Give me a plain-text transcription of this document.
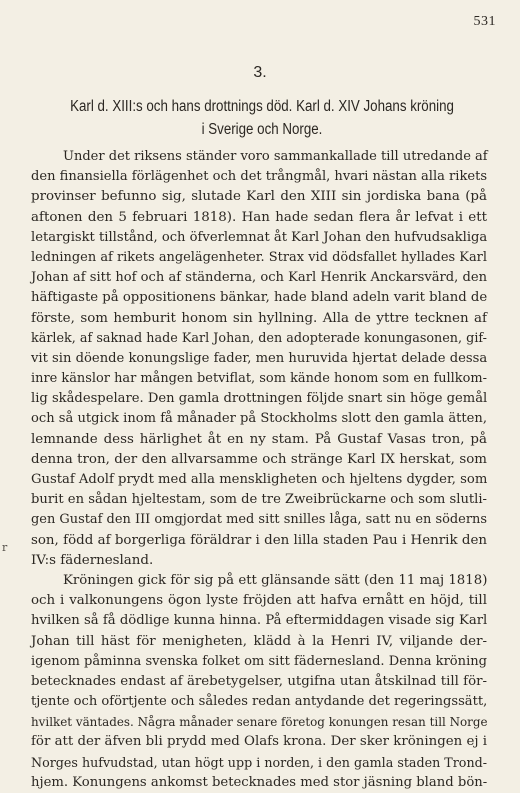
531
3.
Karl d. XIII:s och hans drottnings död. Karl d. XIV Johans kröning
i Sverige och Norge.
Under det riksens ständer voro sammankallade till utredande af
den finansiella förlägenhet och det trångmål, hvari nästan alla rikets
provinser befunno sig, slutade Karl den XIII sin jordiska bana (på
aftonen den 5 februari 1818). Han hade sedan flera år lefvat i ett
letargiskt tillstånd, och öfverlemnat åt Karl Johan den hufvudsakliga
ledningen af rikets angelägenheter. Strax vid dödsfallet hyllades Karl
Johan af sitt hof och af ständerna, och Karl Henrik Anckarsvärd, den
häftigaste på oppositionens bänkar, hade bland adeln varit bland de
förste, som hemburit honom sin hyllning. Alla de yttre tecknen af
kärlek, af saknad hade Karl Johan, den adopterade konungasonen, gif-
vit sin döende konungslige fader, men huruvida hjertat delade dessa
inre känslor har mången betviflat, som kände honom som en fullkom-
lig skådespelare. Den gamla drottningen följde snart sin höge gemål
och så utgick inom få månader på Stockholms slott den gamla ätten,
lemnande dess härlighet åt en ny stam. På Gustaf Vasas tron, på
denna tron, der den allvarsamme och stränge Karl IX herskat, som
Gustaf Adolf prydt med alla menskligheten och hjeltens dygder, som
burit en sådan hjeltestam, som de tre Zweibrückarne och som slutli-
gen Gustaf den III omgjordat med sitt snilles låga, satt nu en söderns
son, född af borgerliga föräldrar i den lilla staden Pau i Henrik den
IV:s fädernesland.
Kröningen gick för sig på ett glänsande sätt (den 11 maj 1818)
och i valkonungens ögon lyste fröjden att hafva ernått en höjd, till
hvilken så få dödlige kunna hinna. På eftermiddagen visade sig Karl
Johan till häst för menigheten, klädd à la Henri IV, viljande der-
igenom påminna svenska folket om sitt fädernesland. Denna kröning
betecknades endast af ärebetygelser, utgifna utan åtskilnad till för-
tjente och oförtjente och således redan antydande det regeringssätt,
hvilket väntades. Några månader senare företog konungen resan till Norge
för att der äfven bli prydd med Olafs krona. Der sker kröningen ej i
Norges hufvudstad, utan högt upp i norden, i den gamla staden Trond-
hjem. Konungens ankomst betecknades med stor jäsning bland bön-
r
